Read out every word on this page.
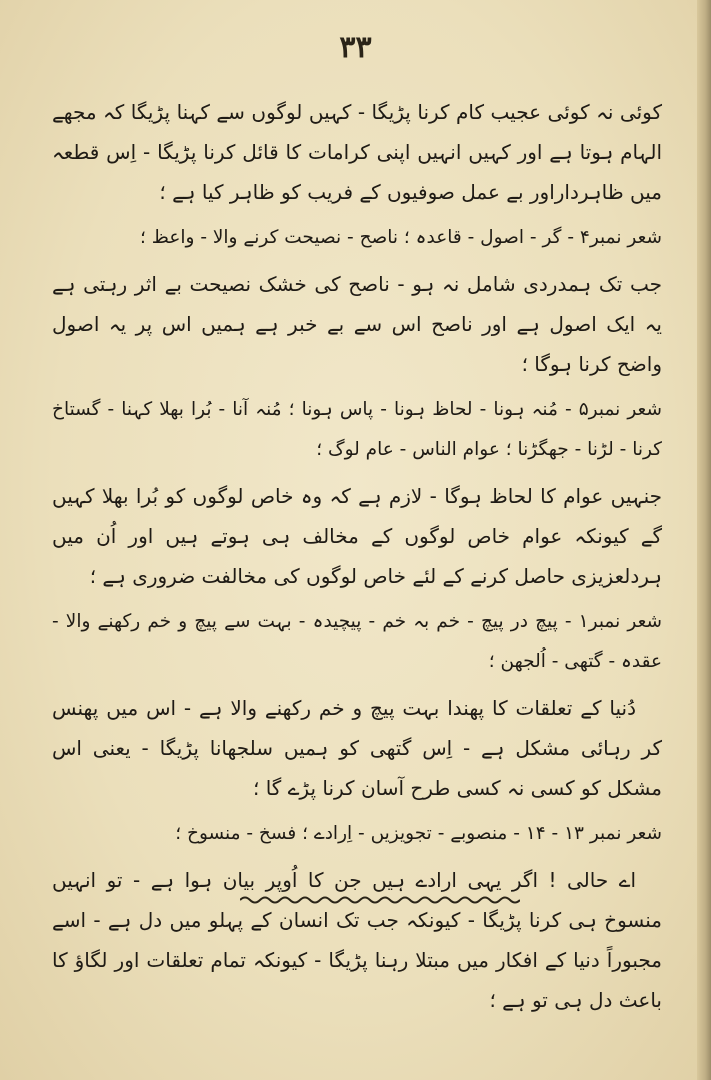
۳۳

کوئی نہ کوئی عجیب کام کرنا پڑیگا - کہیں لوگوں سے کہنا پڑیگا کہ مجھے الہام ہوتا ہے اور کہیں انہیں اپنی کرامات کا قائل کرنا پڑیگا - اِس قطعہ میں ظاہرداراور بے عمل صوفیوں کے فریب کو ظاہر کیا ہے ؛

شعر نمبر۴ - گر - اصول - قاعدہ ؛ ناصح - نصیحت کرنے والا - واعظ ؛

جب تک ہمدردی شامل نہ ہو - ناصح کی خشک نصیحت بے اثر رہتی ہے یہ ایک اصول ہے اور ناصح اس سے بے خبر ہے ہمیں اس پر یہ اصول واضح کرنا ہوگا ؛

شعر نمبر۵ - مُنہ ہونا - لحاظ ہونا - پاس ہونا ؛ مُنہ آنا - بُرا بھلا کہنا - گستاخ کرنا - لڑنا - جھگڑنا ؛ عوام الناس - عام لوگ ؛

جنہیں عوام کا لحاظ ہوگا - لازم ہے کہ وہ خاص لوگوں کو بُرا بھلا کہیں گے کیونکہ عوام خاص لوگوں کے مخالف ہی ہوتے ہیں اور اُن میں ہردلعزیزی حاصل کرنے کے لئے خاص لوگوں کی مخالفت ضروری ہے ؛

شعر نمبر۱ - پیچ در پیچ - خم بہ خم - پیچیدہ - بہت سے پیچ و خم رکھنے والا - عقدہ - گتھی - اُلجھن ؛

دُنیا کے تعلقات کا پھندا بہت پیچ و خم رکھنے والا ہے - اس میں پھنس کر رہائی مشکل ہے - اِس گتھی کو ہمیں سلجھانا پڑیگا - یعنی اس مشکل کو کسی نہ کسی طرح آسان کرنا پڑے گا ؛

شعر نمبر ۱۳ - ۱۴ - منصوبے - تجویزیں - اِرادے ؛ فسخ - منسوخ ؛

اے حالی ! اگر یہی ارادے ہیں جن کا اُوپر بیان ہوا ہے - تو انہیں منسوخ ہی کرنا پڑیگا - کیونکہ جب تک انسان کے پہلو میں دل ہے - اسے مجبوراً دنیا کے افکار میں مبتلا رہنا پڑیگا - کیونکہ تمام تعلقات اور لگاؤ کا باعث دل ہی تو ہے ؛
